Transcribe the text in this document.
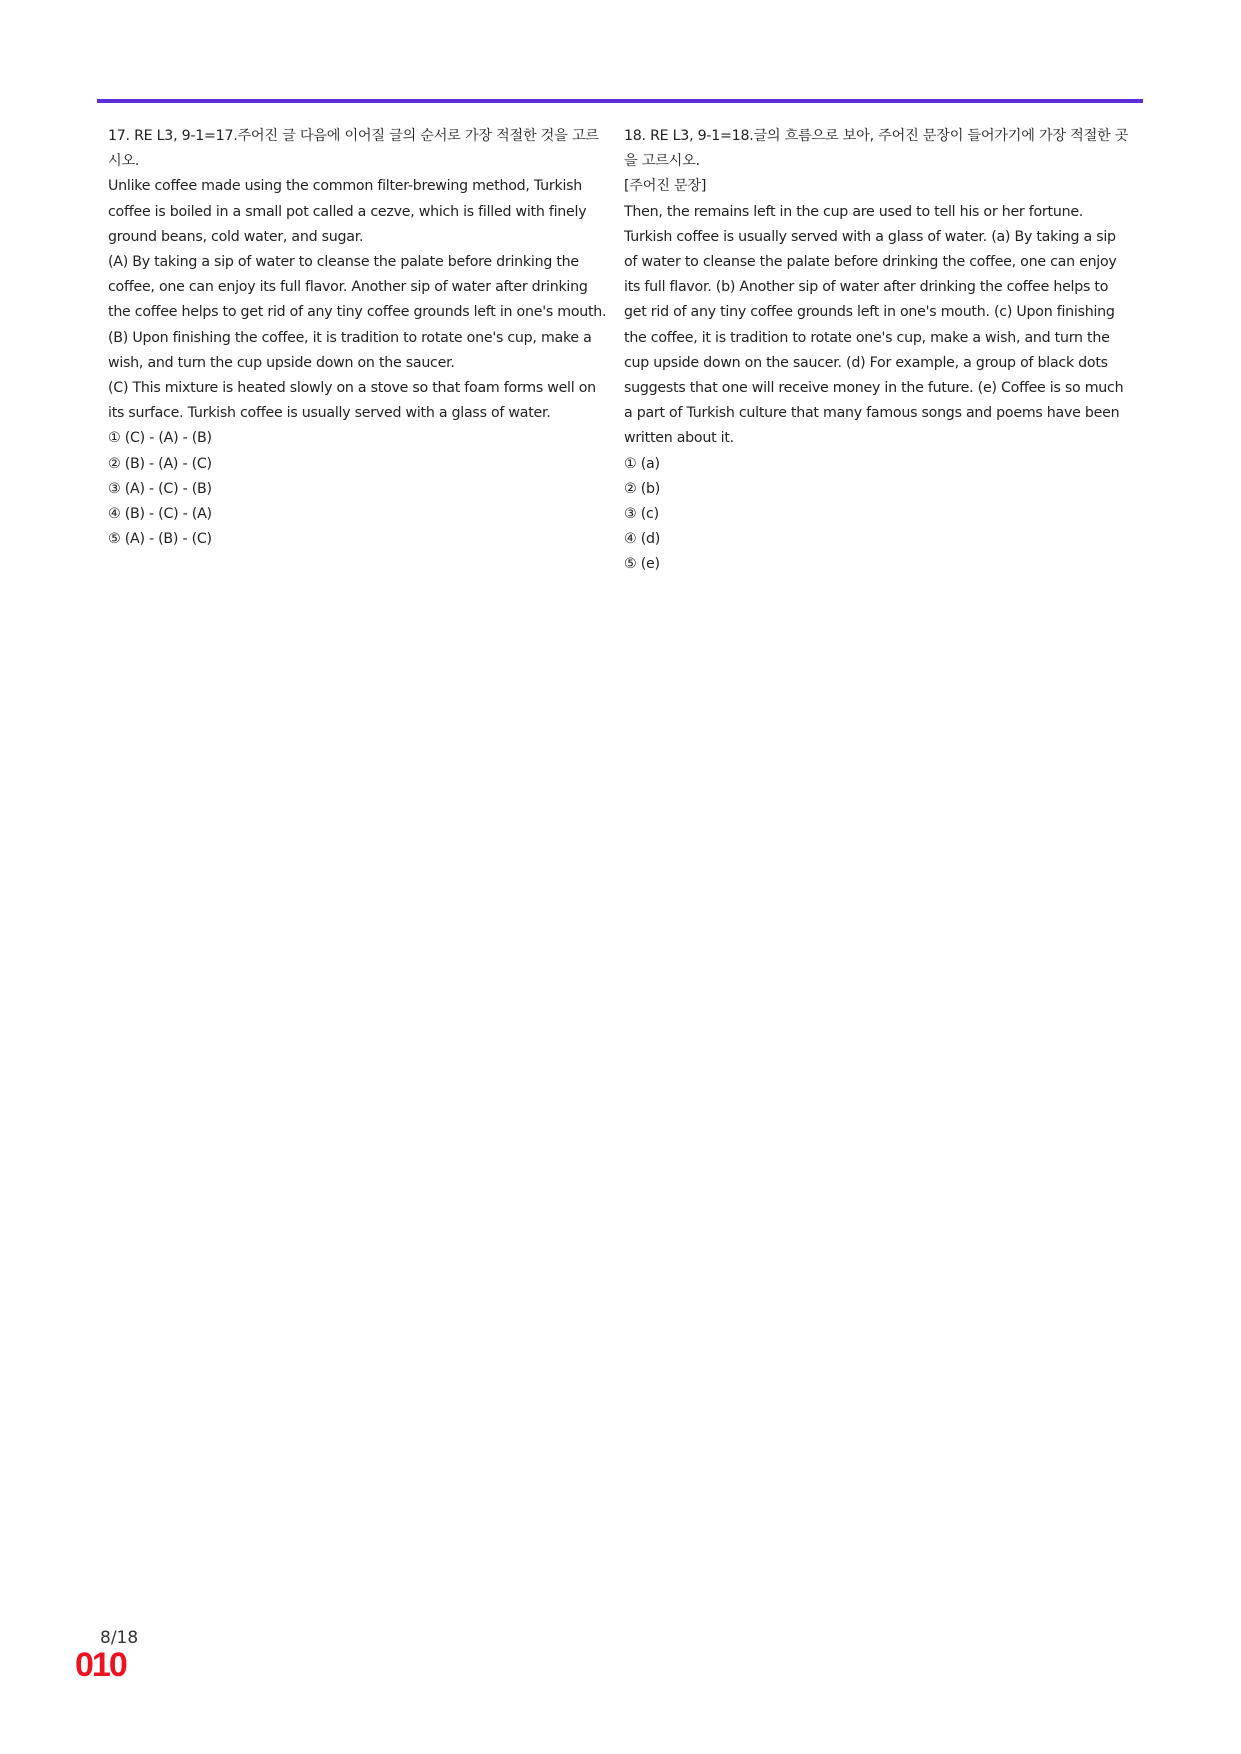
17. RE L3, 9-1=17.주어진 글 다음에 이어질 글의 순서로 가장 적절한 것을 고르시오.

Unlike coffee made using the common filter-brewing method, Turkish coffee is boiled in a small pot called a cezve, which is filled with finely ground beans, cold water, and sugar.

(A) By taking a sip of water to cleanse the palate before drinking the coffee, one can enjoy its full flavor. Another sip of water after drinking the coffee helps to get rid of any tiny coffee grounds left in one's mouth.

(B) Upon finishing the coffee, it is tradition to rotate one's cup, make a wish, and turn the cup upside down on the saucer.

(C) This mixture is heated slowly on a stove so that foam forms well on its surface. Turkish coffee is usually served with a glass of water.

① (C) - (A) - (B)

② (B) - (A) - (C)

③ (A) - (C) - (B)

④ (B) - (C) - (A)

⑤ (A) - (B) - (C)

18. RE L3, 9-1=18.글의 흐름으로 보아, 주어진 문장이 들어가기에 가장 적절한 곳을 고르시오.

[주어진 문장]

Then, the remains left in the cup are used to tell his or her fortune.

Turkish coffee is usually served with a glass of water. (a) By taking a sip of water to cleanse the palate before drinking the coffee, one can enjoy its full flavor. (b) Another sip of water after drinking the coffee helps to get rid of any tiny coffee grounds left in one's mouth. (c) Upon finishing the coffee, it is tradition to rotate one's cup, make a wish, and turn the cup upside down on the saucer. (d) For example, a group of black dots suggests that one will receive money in the future. (e) Coffee is so much a part of Turkish culture that many famous songs and poems have been written about it.

① (a)

② (b)

③ (c)

④ (d)

⑤ (e)

8/18
010
